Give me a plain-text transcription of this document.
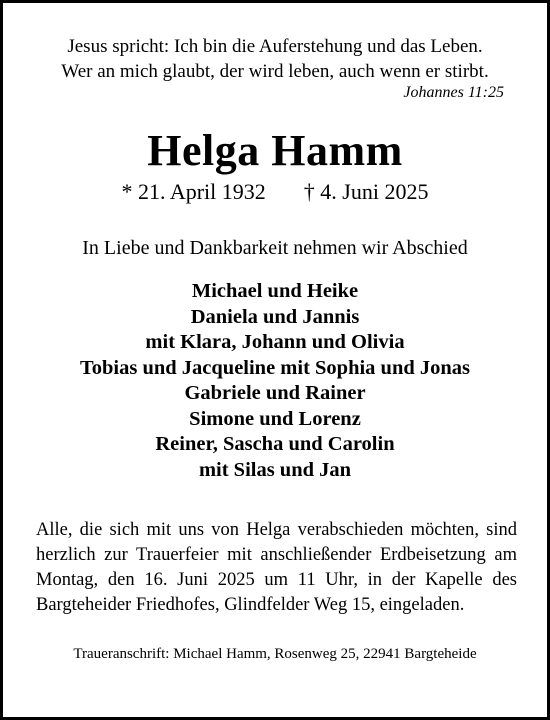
Jesus spricht: Ich bin die Auferstehung und das Leben.
Wer an mich glaubt, der wird leben, auch wenn er stirbt.
Johannes 11:25
Helga Hamm
* 21. April 1932 † 4. Juni 2025
In Liebe und Dankbarkeit nehmen wir Abschied
Michael und Heike
Daniela und Jannis
mit Klara, Johann und Olivia
Tobias und Jacqueline mit Sophia und Jonas
Gabriele und Rainer
Simone und Lorenz
Reiner, Sascha und Carolin
mit Silas und Jan
Alle, die sich mit uns von Helga verabschieden möchten, sind herzlich zur Trauerfeier mit anschließender Erdbeisetzung am Montag, den 16. Juni 2025 um 11 Uhr, in der Kapelle des Bargteheider Friedhofes, Glindfelder Weg 15, eingeladen.
Traueranschrift: Michael Hamm, Rosenweg 25, 22941 Bargteheide
